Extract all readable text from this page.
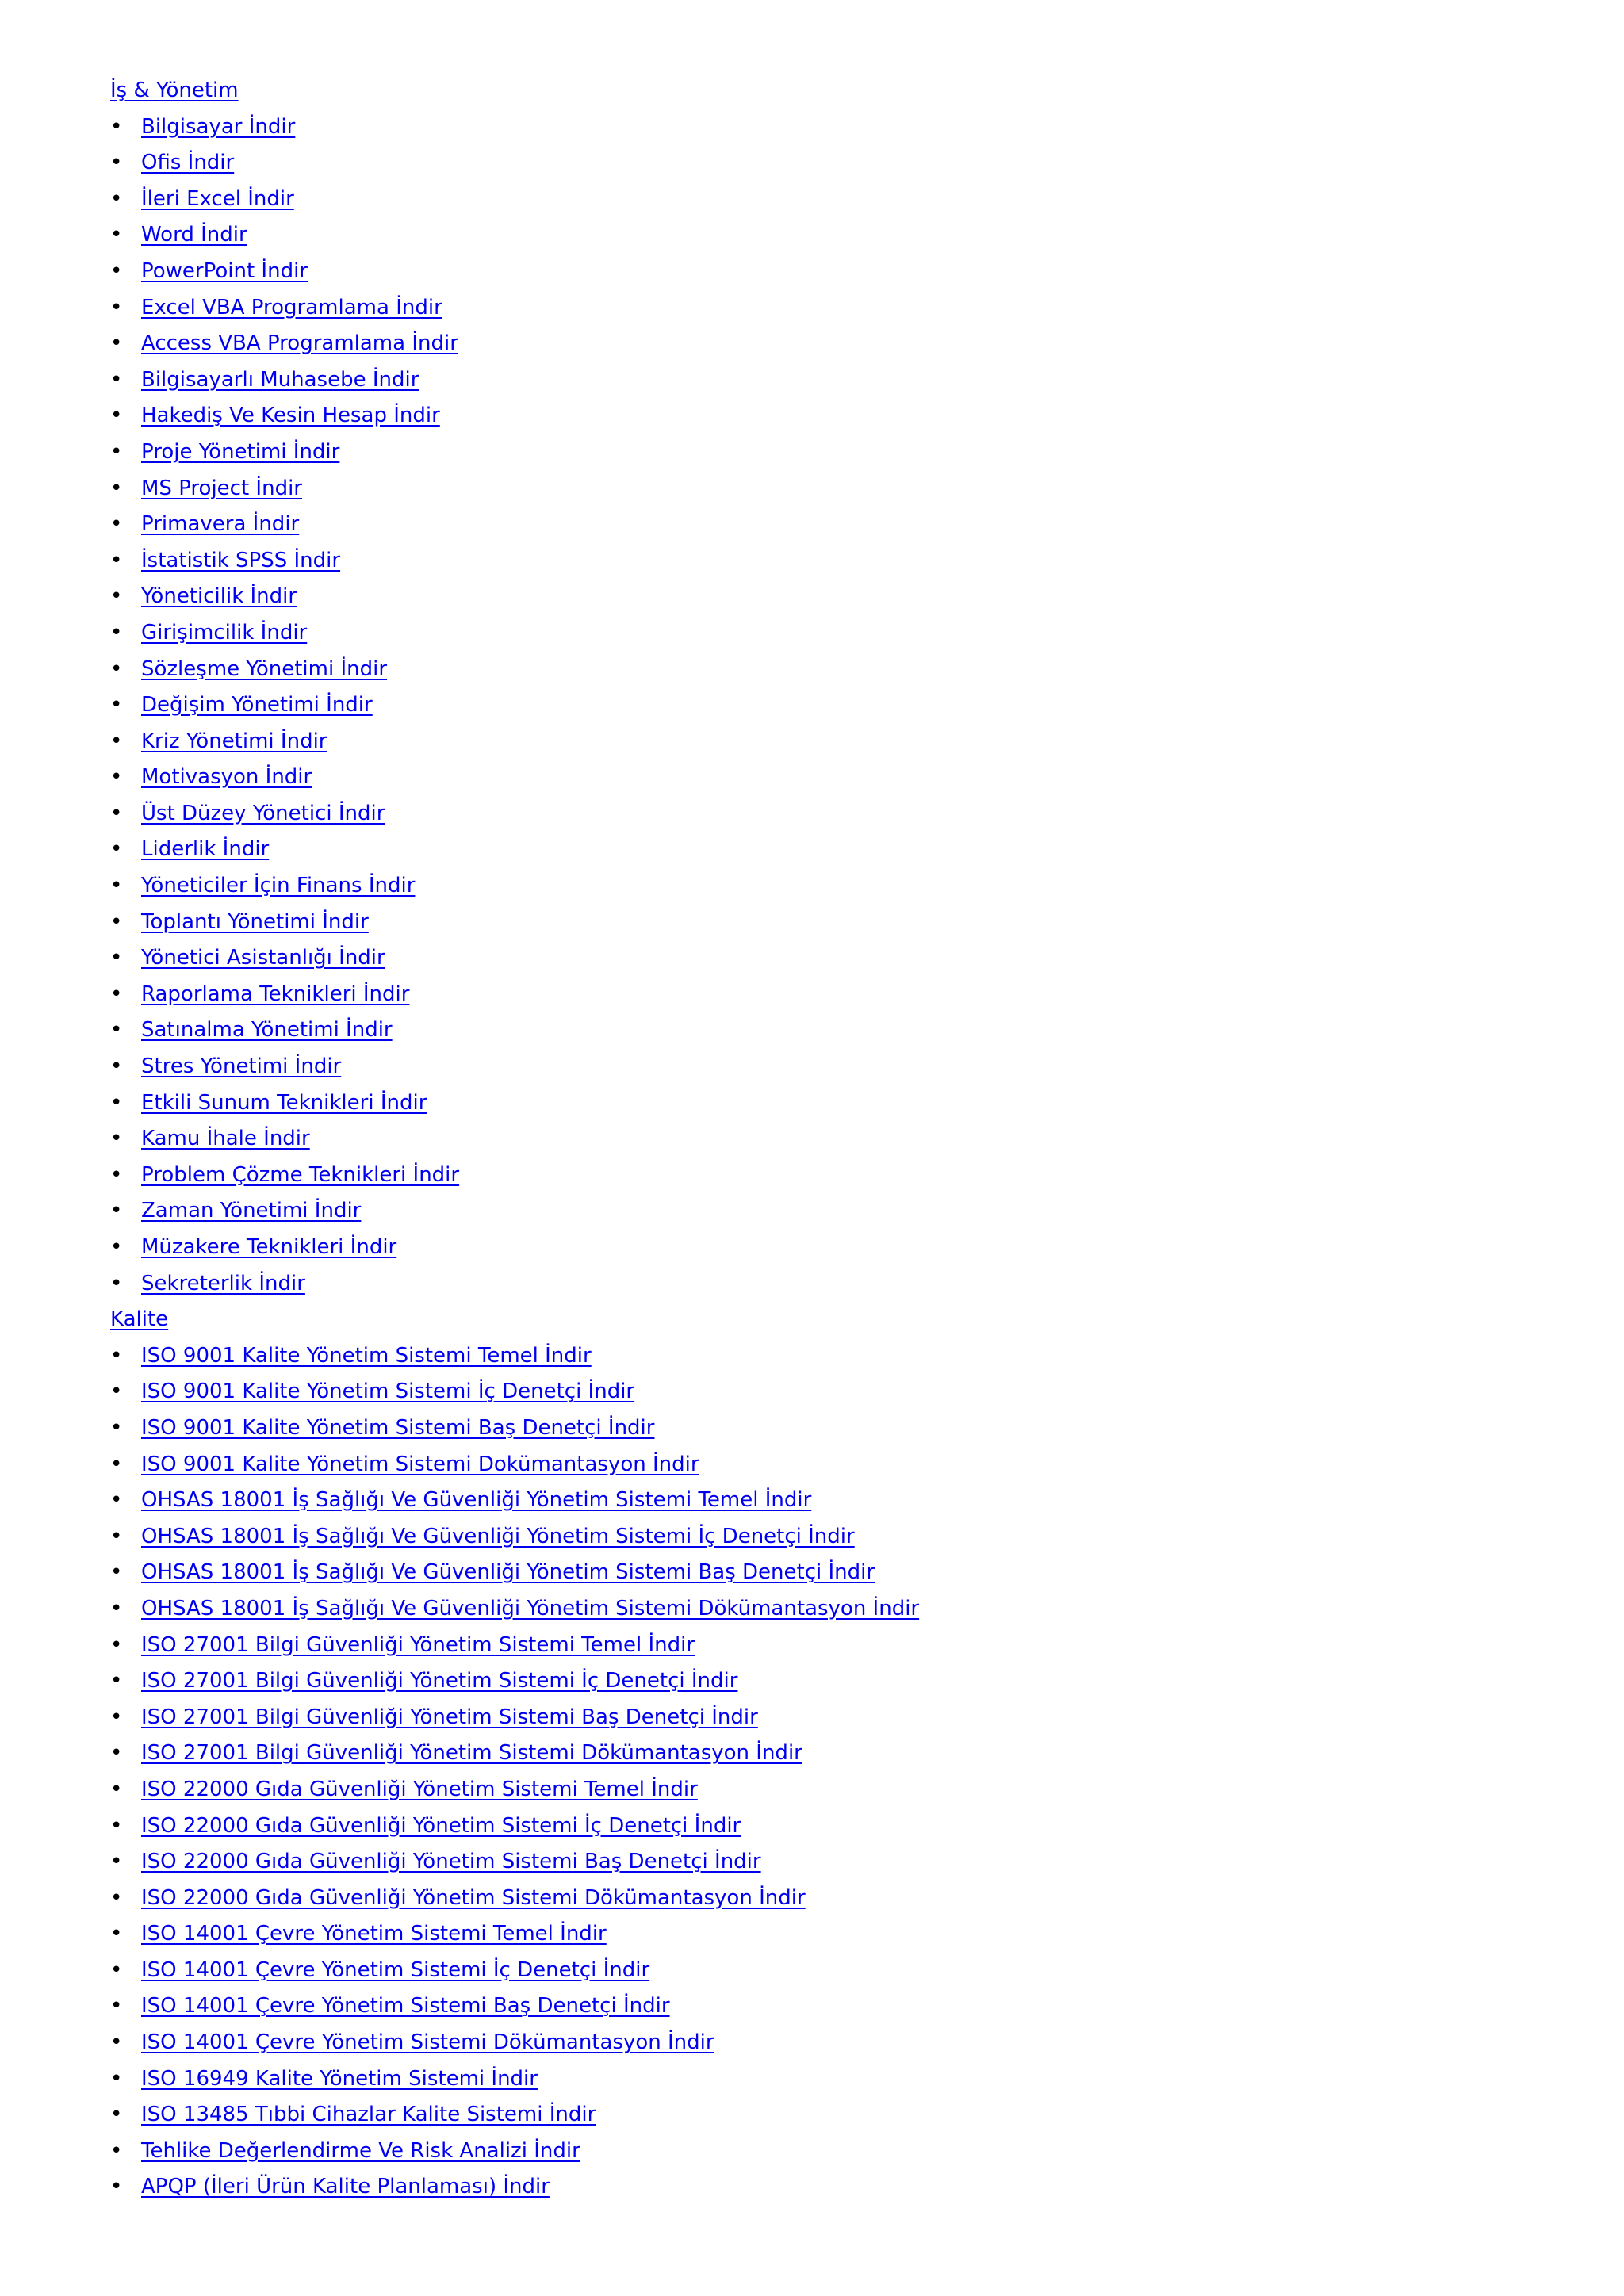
İş & Yönetim
• Bilgisayar İndir
• Ofis İndir
• İleri Excel İndir
• Word İndir
• PowerPoint İndir
• Excel VBA Programlama İndir
• Access VBA Programlama İndir
• Bilgisayarlı Muhasebe İndir
• Hakediş Ve Kesin Hesap İndir
• Proje Yönetimi İndir
• MS Project İndir
• Primavera İndir
• İstatistik SPSS İndir
• Yöneticilik İndir
• Girişimcilik İndir
• Sözleşme Yönetimi İndir
• Değişim Yönetimi İndir
• Kriz Yönetimi İndir
• Motivasyon İndir
• Üst Düzey Yönetici İndir
• Liderlik İndir
• Yöneticiler İçin Finans İndir
• Toplantı Yönetimi İndir
• Yönetici Asistanlığı İndir
• Raporlama Teknikleri İndir
• Satınalma Yönetimi İndir
• Stres Yönetimi İndir
• Etkili Sunum Teknikleri İndir
• Kamu İhale İndir
• Problem Çözme Teknikleri İndir
• Zaman Yönetimi İndir
• Müzakere Teknikleri İndir
• Sekreterlik İndir
Kalite
• ISO 9001 Kalite Yönetim Sistemi Temel İndir
• ISO 9001 Kalite Yönetim Sistemi İç Denetçi İndir
• ISO 9001 Kalite Yönetim Sistemi Baş Denetçi İndir
• ISO 9001 Kalite Yönetim Sistemi Dokümantasyon İndir
• OHSAS 18001 İş Sağlığı Ve Güvenliği Yönetim Sistemi Temel İndir
• OHSAS 18001 İş Sağlığı Ve Güvenliği Yönetim Sistemi İç Denetçi İndir
• OHSAS 18001 İş Sağlığı Ve Güvenliği Yönetim Sistemi Baş Denetçi İndir
• OHSAS 18001 İş Sağlığı Ve Güvenliği Yönetim Sistemi Dökümantasyon İndir
• ISO 27001 Bilgi Güvenliği Yönetim Sistemi Temel İndir
• ISO 27001 Bilgi Güvenliği Yönetim Sistemi İç Denetçi İndir
• ISO 27001 Bilgi Güvenliği Yönetim Sistemi Baş Denetçi İndir
• ISO 27001 Bilgi Güvenliği Yönetim Sistemi Dökümantasyon İndir
• ISO 22000 Gıda Güvenliği Yönetim Sistemi Temel İndir
• ISO 22000 Gıda Güvenliği Yönetim Sistemi İç Denetçi İndir
• ISO 22000 Gıda Güvenliği Yönetim Sistemi Baş Denetçi İndir
• ISO 22000 Gıda Güvenliği Yönetim Sistemi Dökümantasyon İndir
• ISO 14001 Çevre Yönetim Sistemi Temel İndir
• ISO 14001 Çevre Yönetim Sistemi İç Denetçi İndir
• ISO 14001 Çevre Yönetim Sistemi Baş Denetçi İndir
• ISO 14001 Çevre Yönetim Sistemi Dökümantasyon İndir
• ISO 16949 Kalite Yönetim Sistemi İndir
• ISO 13485 Tıbbi Cihazlar Kalite Sistemi İndir
• Tehlike Değerlendirme Ve Risk Analizi İndir
• APQP (İleri Ürün Kalite Planlaması) İndir
